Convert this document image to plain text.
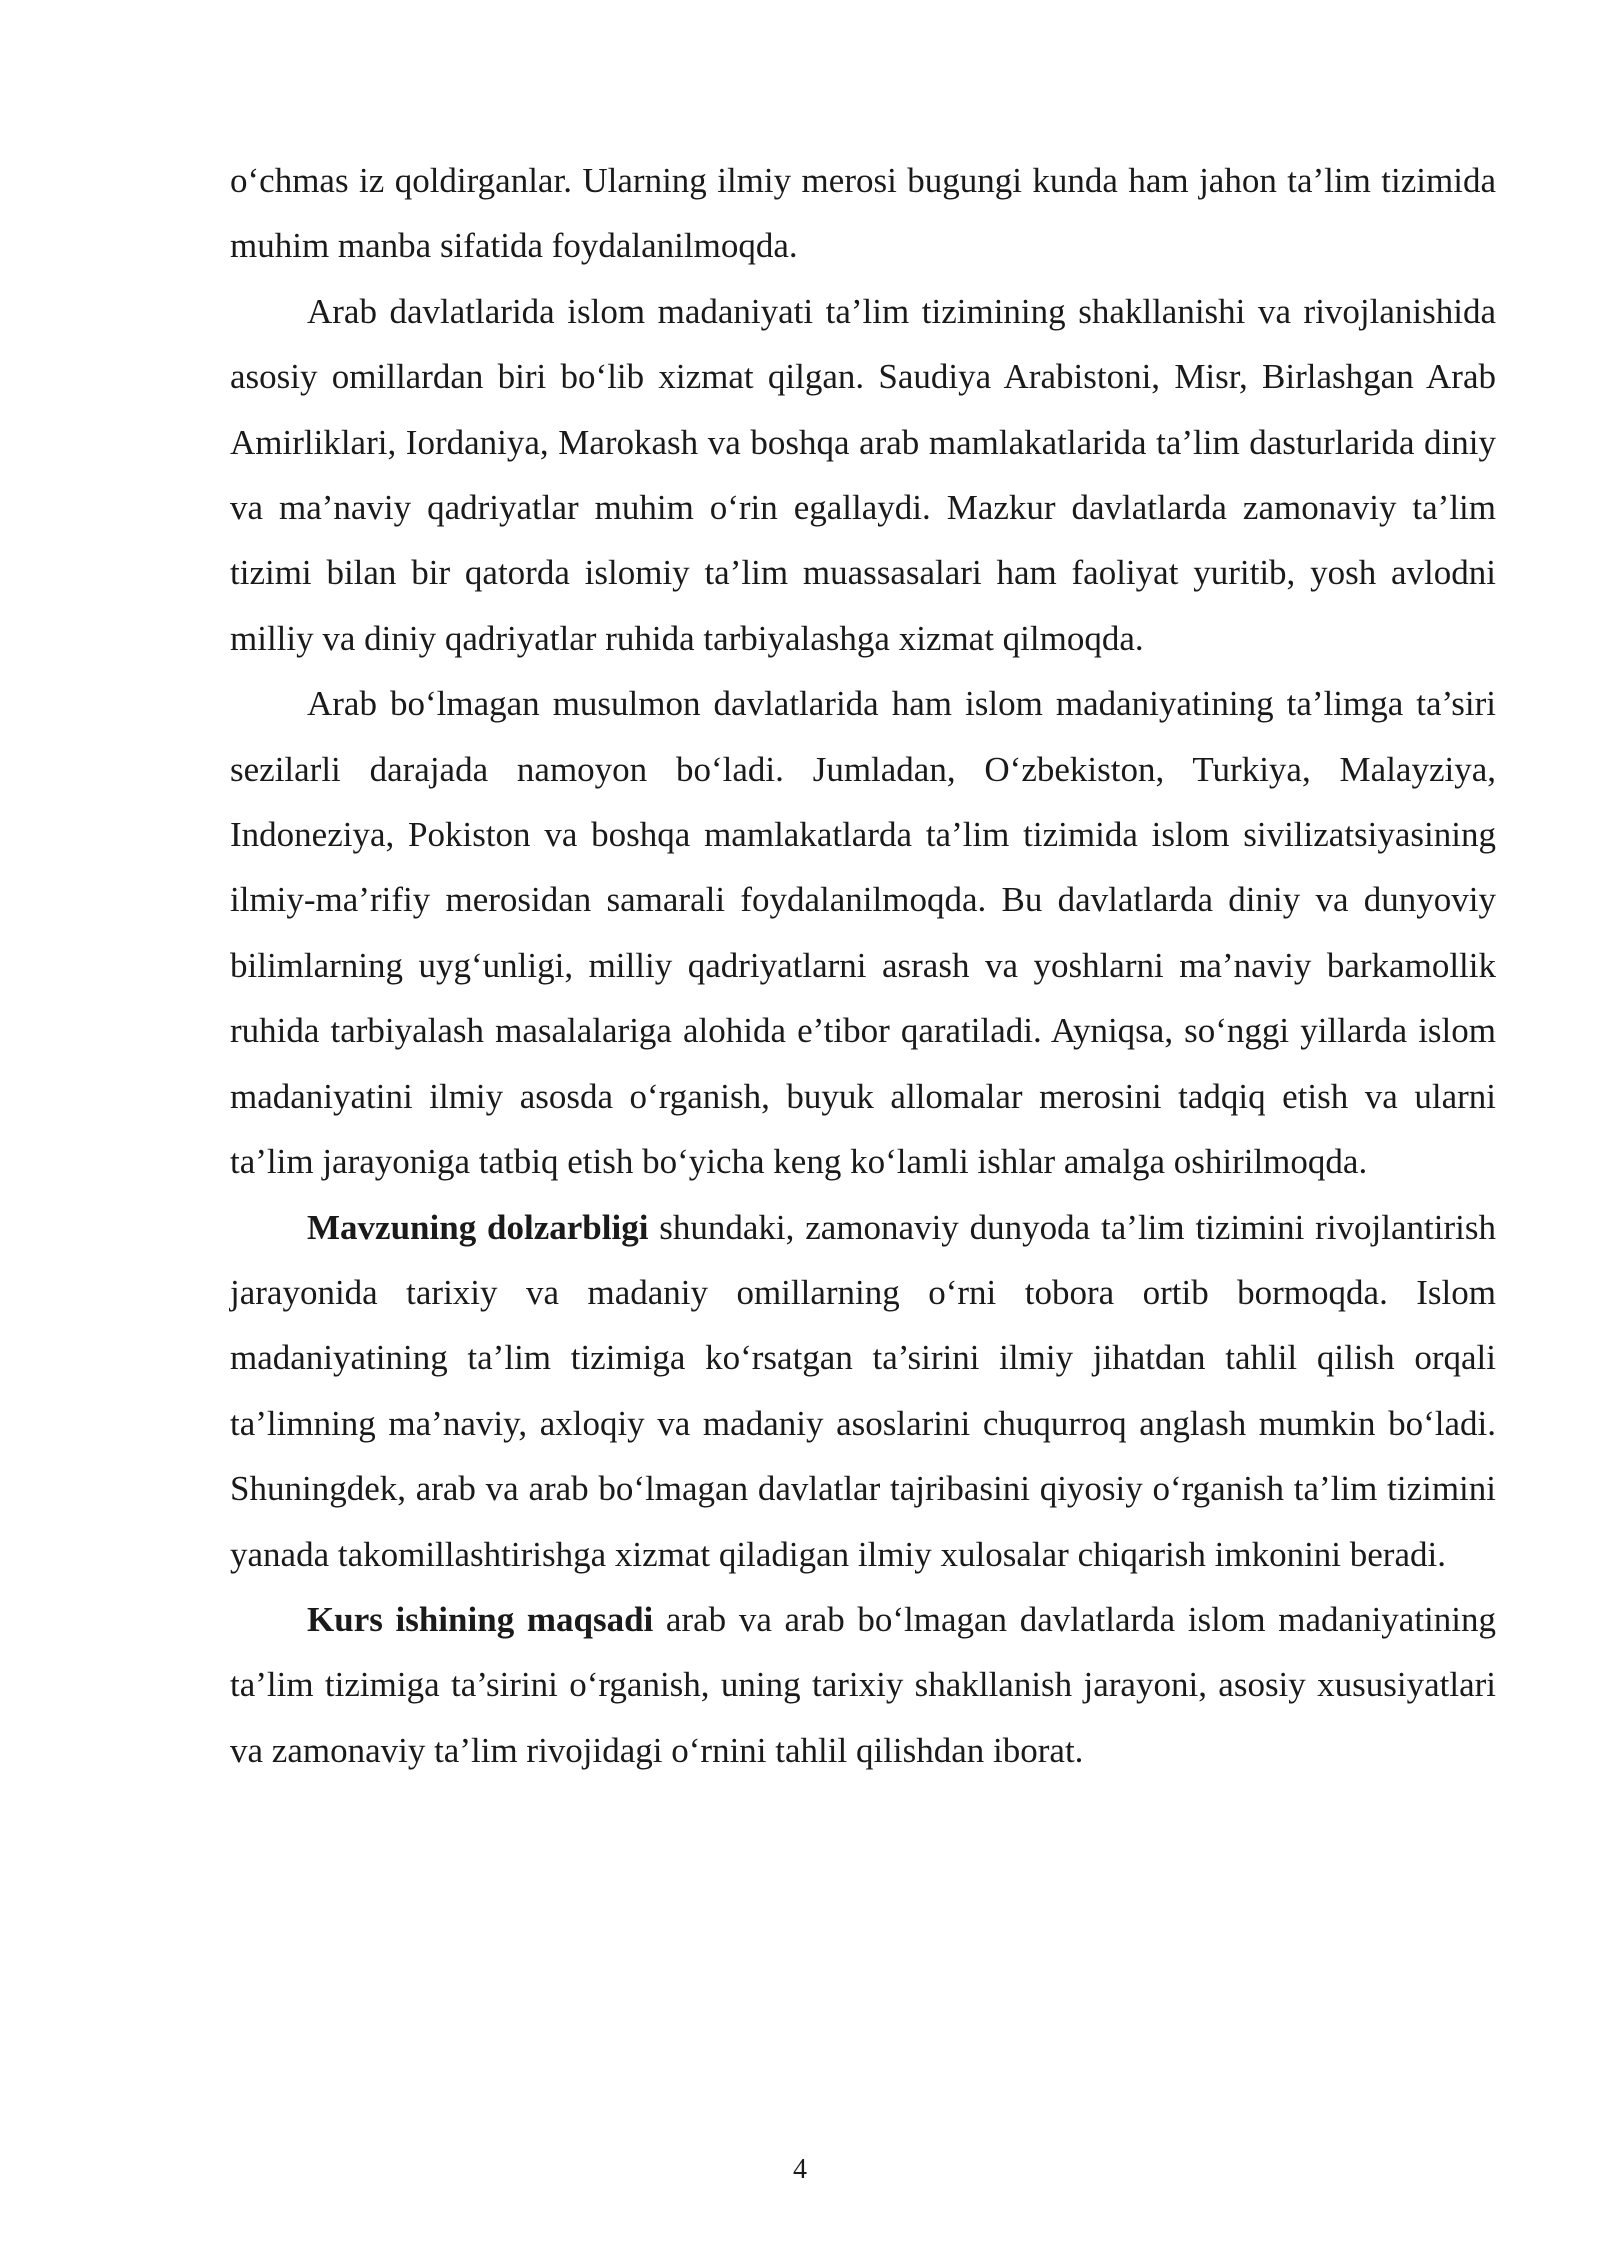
o‘chmas iz qoldirganlar. Ularning ilmiy merosi bugungi kunda ham jahon ta’lim tizimida muhim manba sifatida foydalanilmoqda.

Arab davlatlarida islom madaniyati ta’lim tizimining shakllanishi va rivojlanishida asosiy omillardan biri bo‘lib xizmat qilgan. Saudiya Arabistoni, Misr, Birlashgan Arab Amirliklari, Iordaniya, Marokash va boshqa arab mamlakatlarida ta’lim dasturlarida diniy va ma’naviy qadriyatlar muhim o‘rin egallaydi. Mazkur davlatlarda zamonaviy ta’lim tizimi bilan bir qatorda islomiy ta’lim muassasalari ham faoliyat yuritib, yosh avlodni milliy va diniy qadriyatlar ruhida tarbiyalashga xizmat qilmoqda.

Arab bo‘lmagan musulmon davlatlarida ham islom madaniyatining ta’limga ta’siri sezilarli darajada namoyon bo‘ladi. Jumladan, O‘zbekiston, Turkiya, Malayziya, Indoneziya, Pokiston va boshqa mamlakatlarda ta’lim tizimida islom sivilizatsiyasining ilmiy-ma’rifiy merosidan samarali foydalanilmoqda. Bu davlatlarda diniy va dunyoviy bilimlarning uyg‘unligi, milliy qadriyatlarni asrash va yoshlarni ma’naviy barkamollik ruhida tarbiyalash masalalariga alohida e’tibor qaratiladi. Ayniqsa, so‘nggi yillarda islom madaniyatini ilmiy asosda o‘rganish, buyuk allomalar merosini tadqiq etish va ularni ta’lim jarayoniga tatbiq etish bo‘yicha keng ko‘lamli ishlar amalga oshirilmoqda.

Mavzuning dolzarbligi shundaki, zamonaviy dunyoda ta’lim tizimini rivojlantirish jarayonida tarixiy va madaniy omillarning o‘rni tobora ortib bormoqda. Islom madaniyatining ta’lim tizimiga ko‘rsatgan ta’sirini ilmiy jihatdan tahlil qilish orqali ta’limning ma’naviy, axloqiy va madaniy asoslarini chuqurroq anglash mumkin bo‘ladi. Shuningdek, arab va arab bo‘lmagan davlatlar tajribasini qiyosiy o‘rganish ta’lim tizimini yanada takomillashtirishga xizmat qiladigan ilmiy xulosalar chiqarish imkonini beradi.

Kurs ishining maqsadi arab va arab bo‘lmagan davlatlarda islom madaniyatining ta’lim tizimiga ta’sirini o‘rganish, uning tarixiy shakllanish jarayoni, asosiy xususiyatlari va zamonaviy ta’lim rivojidagi o‘rnini tahlil qilishdan iborat.

4
